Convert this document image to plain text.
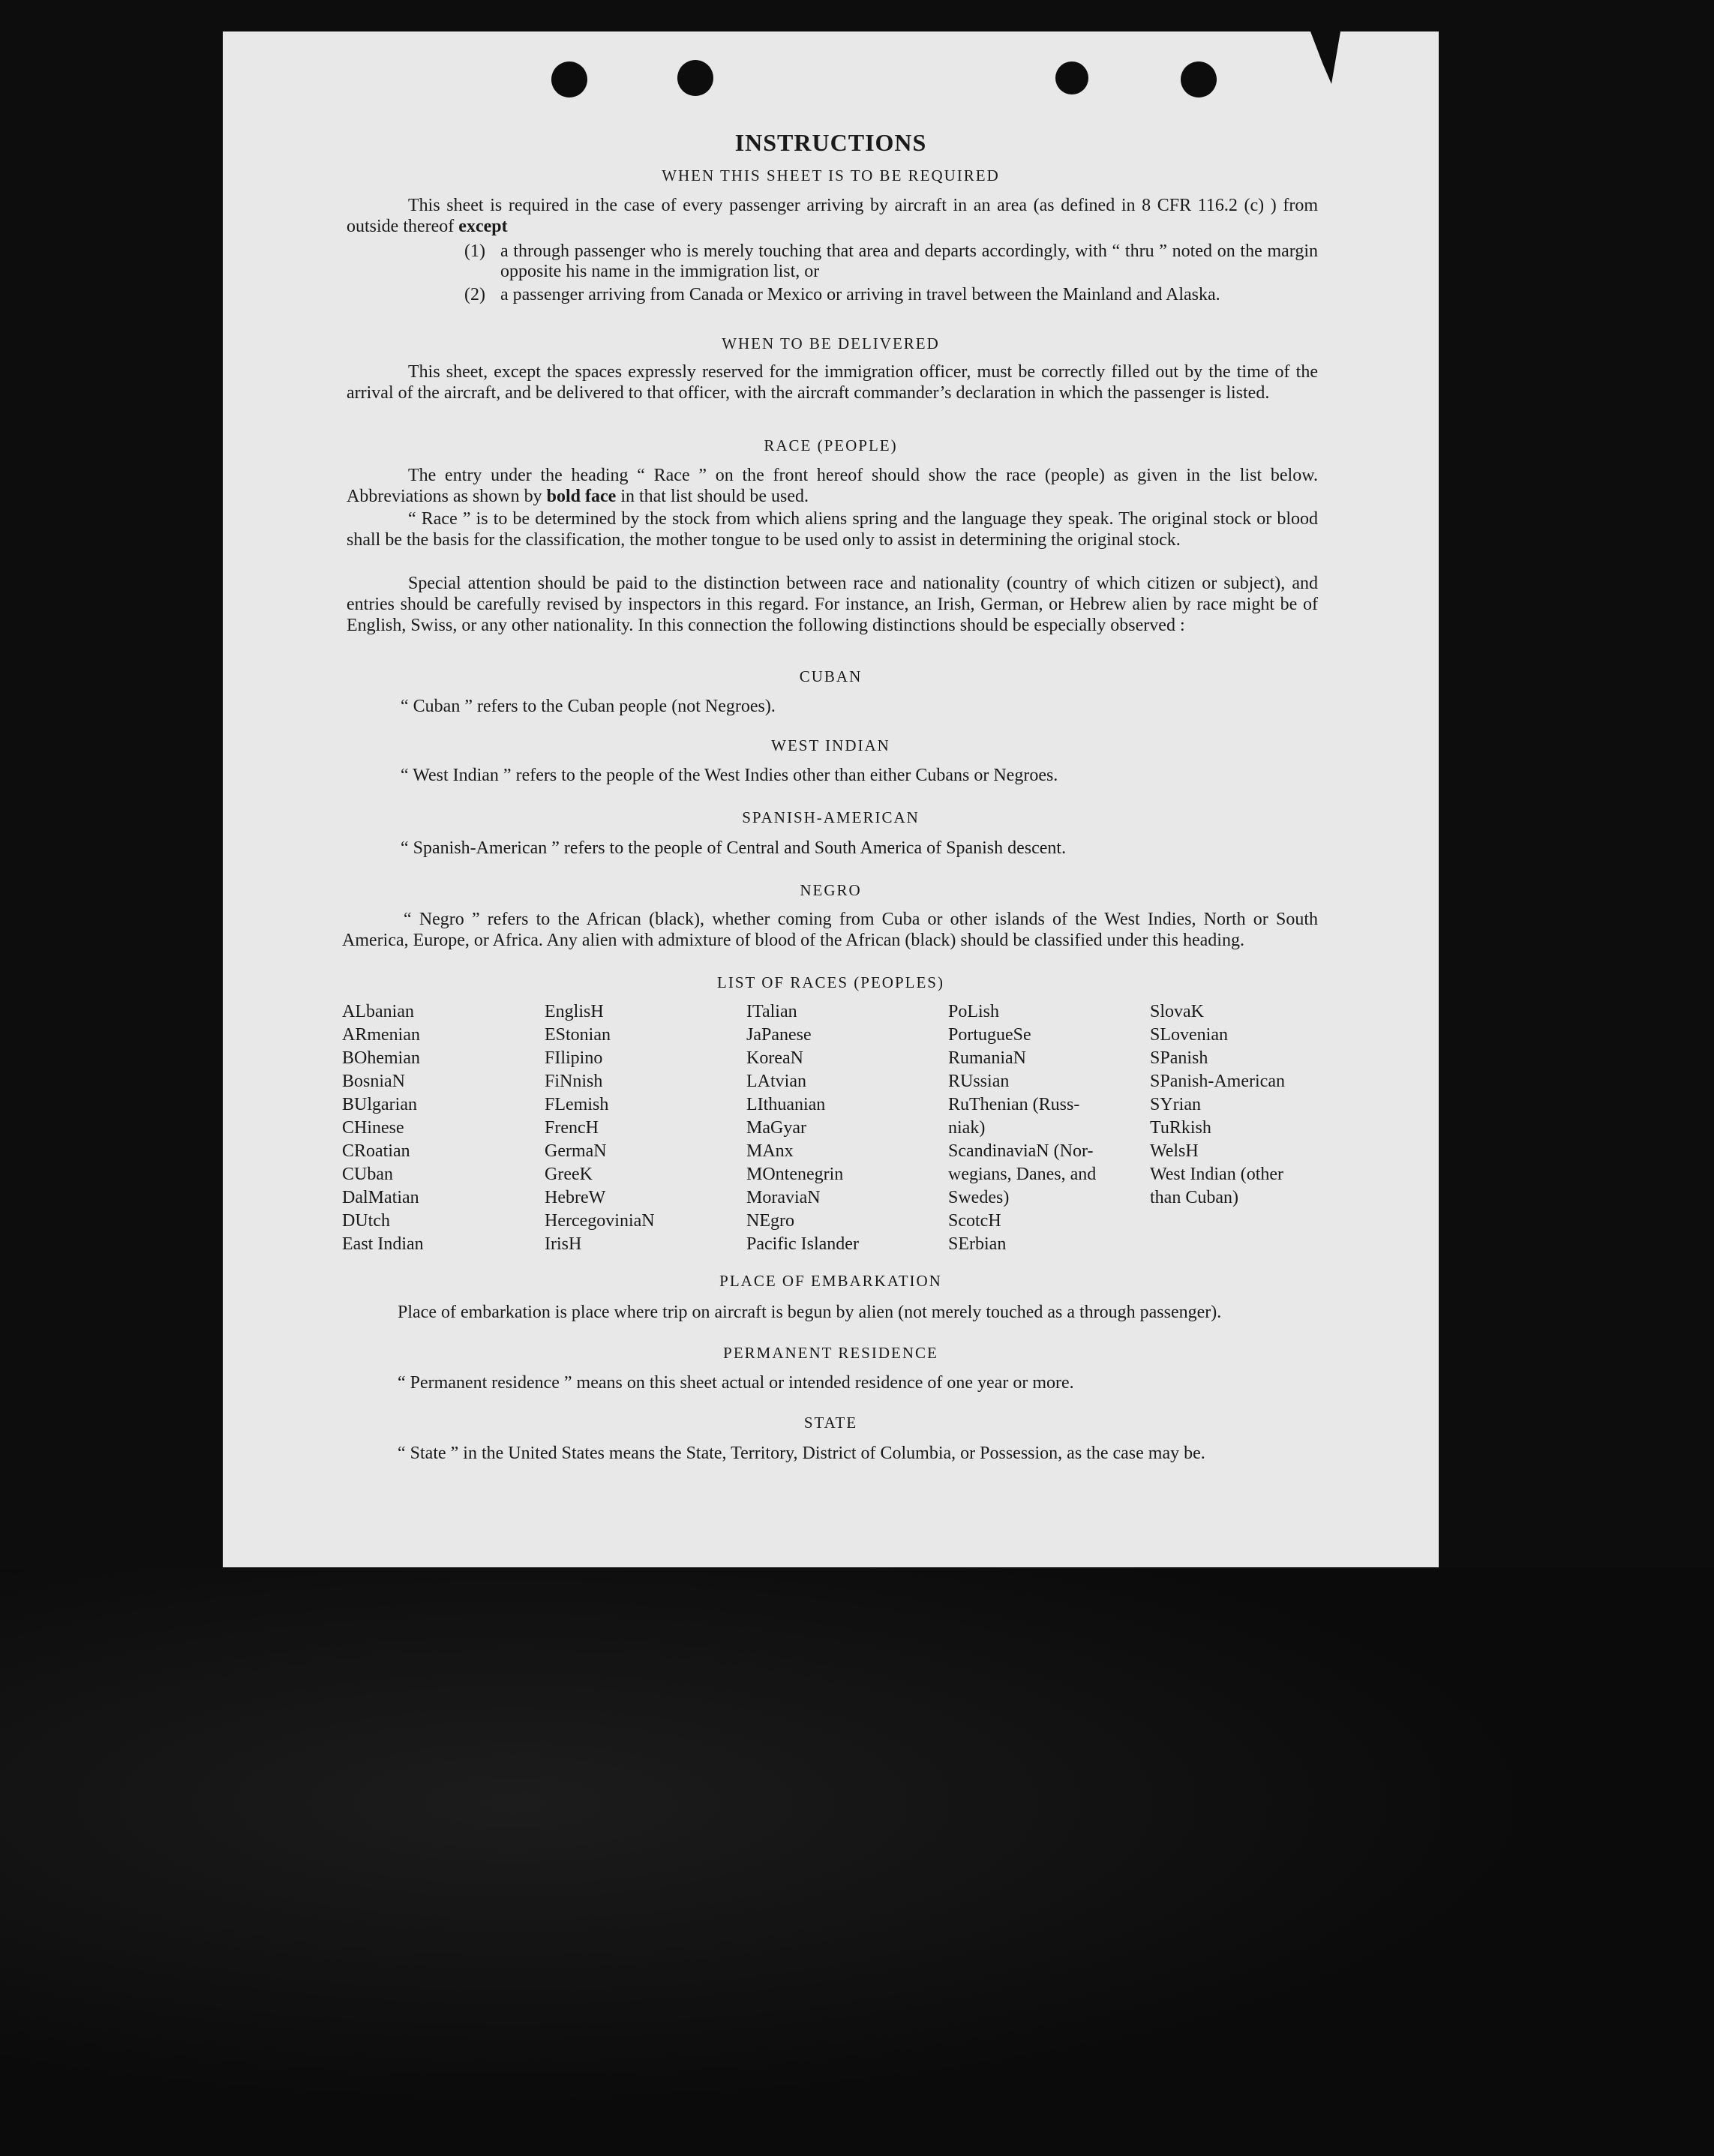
INSTRUCTIONS
WHEN THIS SHEET IS TO BE REQUIRED
This sheet is required in the case of every passenger arriving by aircraft in an area (as defined in 8 CFR 116.2 (c) ) from outside thereof except
(1) a through passenger who is merely touching that area and departs accordingly, with “ thru ” noted on the margin opposite his name in the immigration list, or
(2) a passenger arriving from Canada or Mexico or arriving in travel between the Mainland and Alaska.
WHEN TO BE DELIVERED
This sheet, except the spaces expressly reserved for the immigration officer, must be correctly filled out by the time of the arrival of the aircraft, and be delivered to that officer, with the aircraft commander’s declaration in which the passenger is listed.
RACE (PEOPLE)
The entry under the heading “ Race ” on the front hereof should show the race (people) as given in the list below. Abbreviations as shown by bold face in that list should be used.
“ Race ” is to be determined by the stock from which aliens spring and the language they speak. The original stock or blood shall be the basis for the classification, the mother tongue to be used only to assist in determining the original stock.
Special attention should be paid to the distinction between race and nationality (country of which citizen or subject), and entries should be carefully revised by inspectors in this regard. For instance, an Irish, German, or Hebrew alien by race might be of English, Swiss, or any other nationality. In this connection the following distinctions should be especially observed :
CUBAN
“ Cuban ” refers to the Cuban people (not Negroes).
WEST INDIAN
“ West Indian ” refers to the people of the West Indies other than either Cubans or Negroes.
SPANISH-AMERICAN
“ Spanish-American ” refers to the people of Central and South America of Spanish descent.
NEGRO
“ Negro ” refers to the African (black), whether coming from Cuba or other islands of the West Indies, North or South America, Europe, or Africa. Any alien with admixture of blood of the African (black) should be classified under this heading.
LIST OF RACES (PEOPLES)
ALbanian
ARmenian
BOhemian
BosniaN
BUlgarian
CHinese
CRoatian
CUban
DalMatian
DUtch
East Indian
EnglisH
EStonian
FIlipino
FiNnish
FLemish
FrencH
GermaN
GreeK
HebreW
HercegoviniaN
IrisH
ITalian
JaPanese
KoreaN
LAtvian
LIthuanian
MaGyar
MAnx
MOntenegrin
MoraviaN
NEgro
Pacific Islander
PoLish
PortugueSe
RumaniaN
RUssian
RuThenian (Russ-niak)
ScandinaviaN (Nor-wegians, Danes, and Swedes)
ScotcH
SErbian
SlovaK
SLovenian
SPanish
SPanish-American
SYrian
TuRkish
WelsH
West Indian (other than Cuban)
PLACE OF EMBARKATION
Place of embarkation is place where trip on aircraft is begun by alien (not merely touched as a through passenger).
PERMANENT RESIDENCE
“ Permanent residence ” means on this sheet actual or intended residence of one year or more.
STATE
“ State ” in the United States means the State, Territory, District of Columbia, or Possession, as the case may be.
